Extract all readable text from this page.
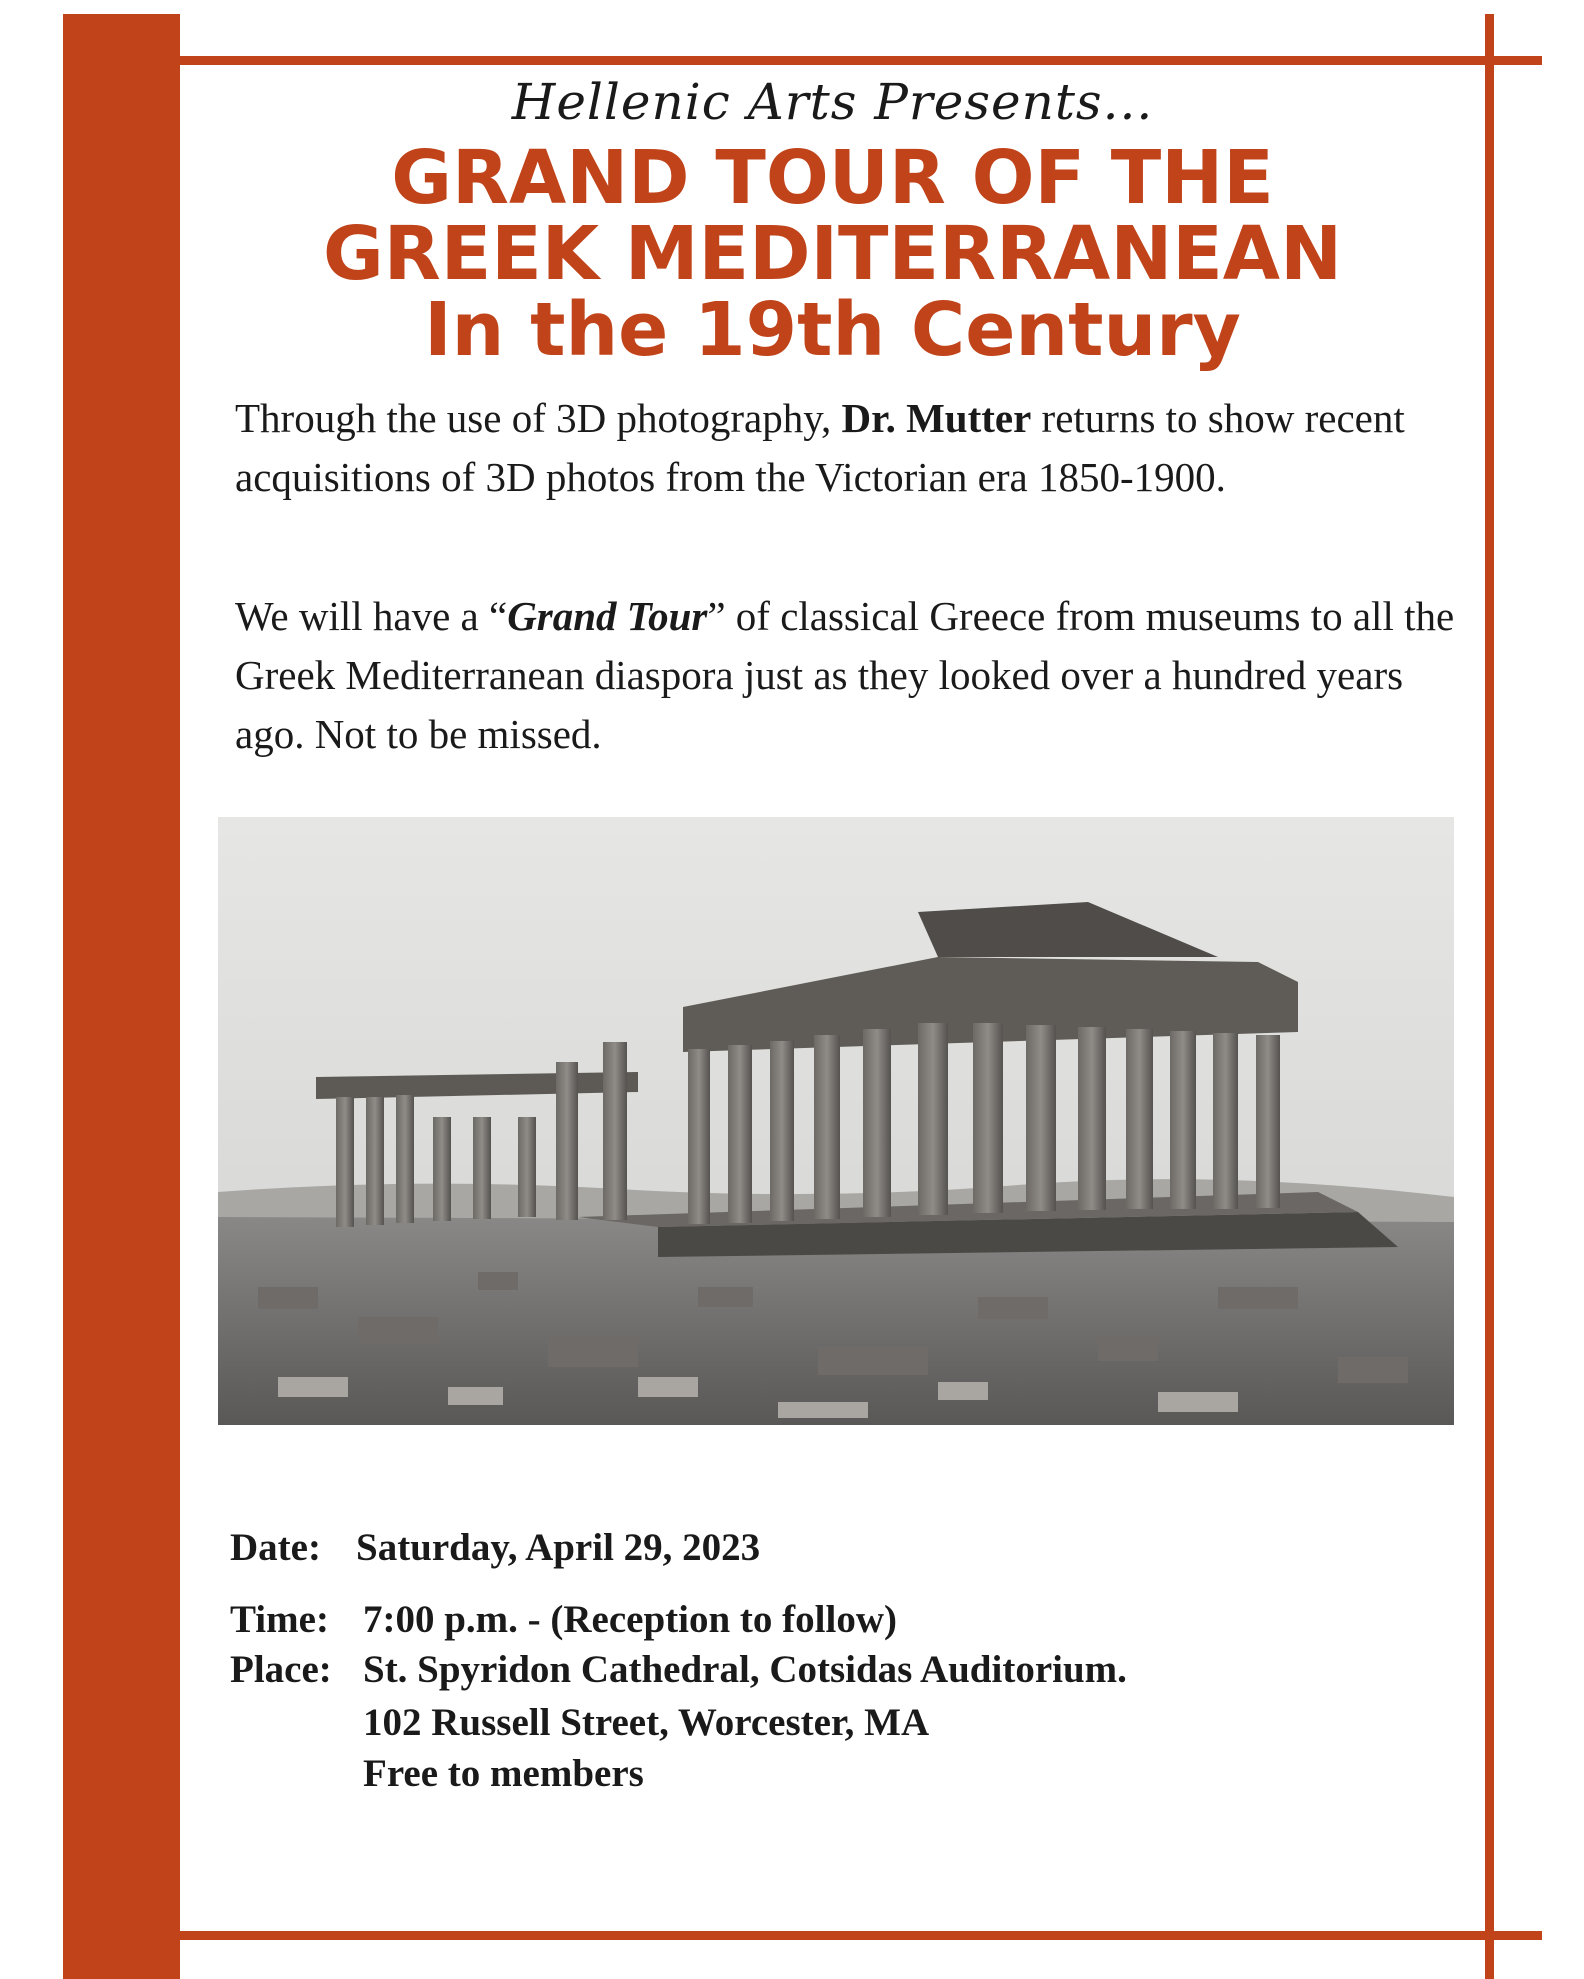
Hellenic Arts Presents...
GRAND TOUR OF THE
GREEK MEDITERRANEAN
In the 19th Century
Through the use of 3D photography, Dr. Mutter returns to show recent acquisitions of 3D photos from the Victorian era 1850-1900.
We will have a “Grand Tour” of classical Greece from museums to all the Greek Mediterranean diaspora just as they looked over a hundred years ago. Not to be missed.
Date: Saturday, April 29, 2023
Time: 7:00 p.m. - (Reception to follow)
Place: St. Spyridon Cathedral, Cotsidas Auditorium.
102 Russell Street, Worcester, MA
Free to members
